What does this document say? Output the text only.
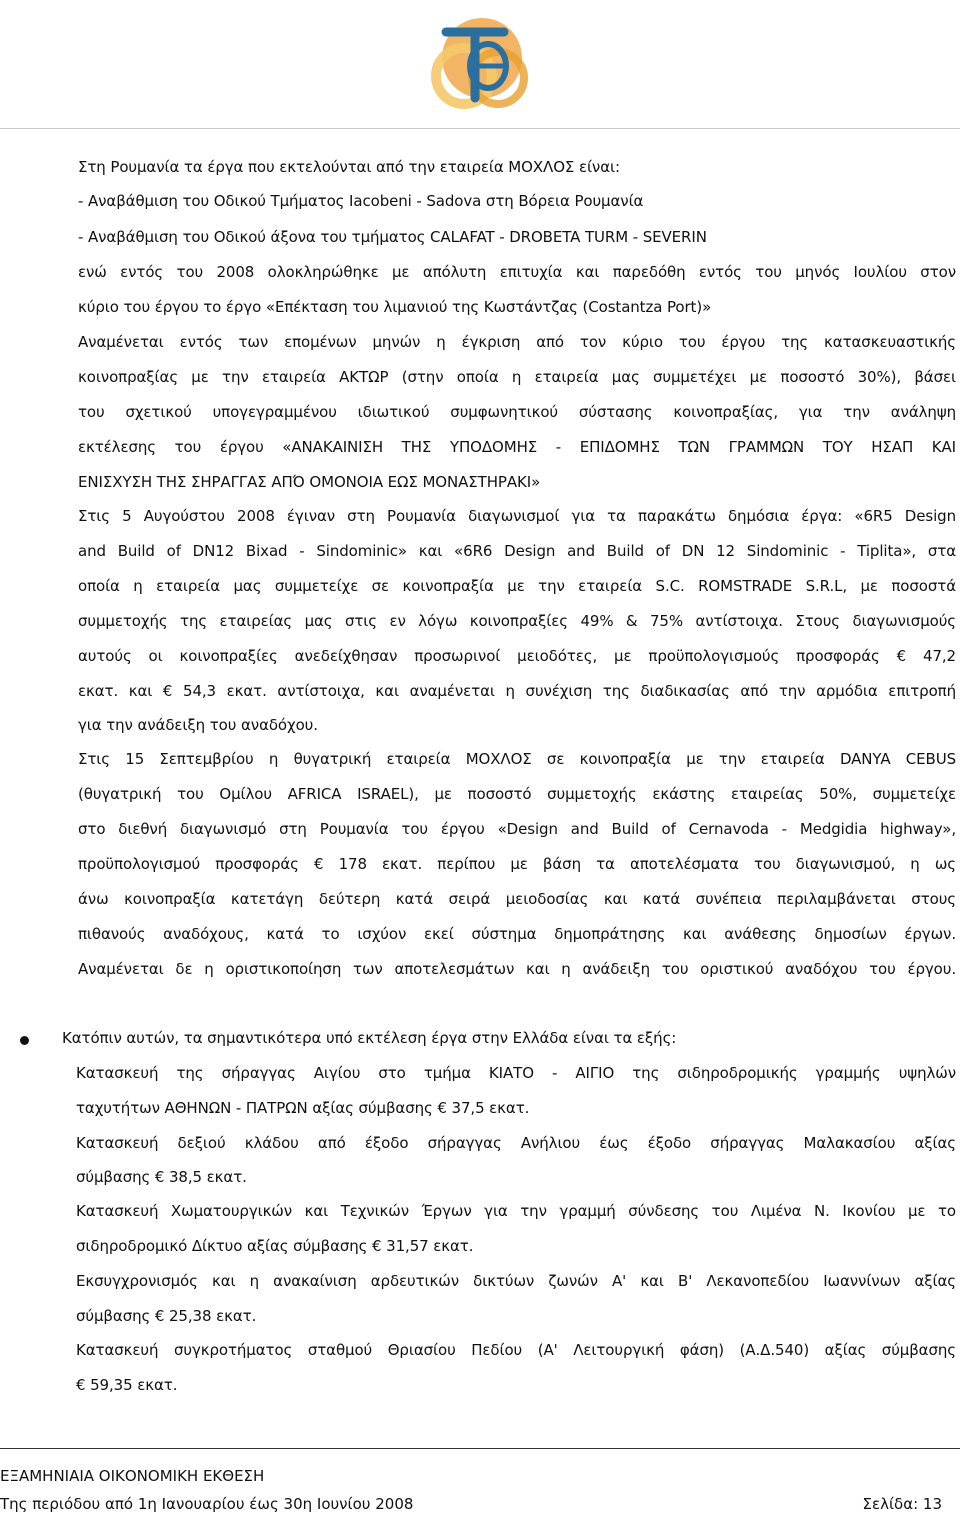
Στη Ρουμανία τα έργα που εκτελούνται από την εταιρεία ΜΟΧΛΟΣ είναι:
- Αναβάθμιση του Οδικού Τμήματος Iacobeni - Sadova στη Βόρεια Ρουμανία
- Αναβάθμιση του Οδικού άξονα του τμήματος CALAFAT - DROBETA TURM - SEVERIN
ενώ εντός του 2008 ολοκληρώθηκε με απόλυτη επιτυχία και παρεδόθη εντός του μηνός Ιουλίου στον
κύριο του έργου το έργο «Επέκταση του λιμανιού της Κωστάντζας (Costantza Port)»
Αναμένεται εντός των επομένων μηνών η έγκριση από τον κύριο του έργου της κατασκευαστικής
κοινοπραξίας με την εταιρεία ΑΚΤΩΡ (στην οποία η εταιρεία μας συμμετέχει με ποσοστό 30%), βάσει
του σχετικού υπογεγραμμένου ιδιωτικού συμφωνητικού σύστασης κοινοπραξίας, για την ανάληψη
εκτέλεσης του έργου «ΑΝΑΚΑΙΝΙΣΗ ΤΗΣ ΥΠΟΔΟΜΗΣ - ΕΠΙΔΟΜΗΣ ΤΩΝ ΓΡΑΜΜΩΝ ΤΟΥ ΗΣΑΠ ΚΑΙ
ΕΝΙΣΧΥΣΗ ΤΗΣ ΣΗΡΑΓΓΑΣ ΑΠΌ ΟΜΟΝΟΙΑ ΕΩΣ ΜΟΝΑΣΤΗΡΑΚΙ»
Στις 5 Αυγούστου 2008 έγιναν στη Ρουμανία διαγωνισμοί για τα παρακάτω δημόσια έργα: «6R5 Design
and Build of DN12 Bixad - Sindominic» και «6R6 Design and Build of DN 12 Sindominic - Tiplita», στα
οποία η εταιρεία μας συμμετείχε σε κοινοπραξία με την εταιρεία S.C. ROMSTRADE S.R.L, με ποσοστά
συμμετοχής της εταιρείας μας στις εν λόγω κοινοπραξίες 49% & 75% αντίστοιχα. Στους διαγωνισμούς
αυτούς οι κοινοπραξίες ανεδείχθησαν προσωρινοί μειοδότες, με προϋπολογισμούς προσφοράς € 47,2
εκατ. και € 54,3 εκατ. αντίστοιχα, και αναμένεται η συνέχιση της διαδικασίας από την αρμόδια επιτροπή
για την ανάδειξη του αναδόχου.
Στις 15 Σεπτεμβρίου η θυγατρική εταιρεία ΜΟΧΛΟΣ σε κοινοπραξία με την εταιρεία DANYA CEBUS
(θυγατρική του Ομίλου AFRICA ISRAEL), με ποσοστό συμμετοχής εκάστης εταιρείας 50%, συμμετείχε
στο διεθνή διαγωνισμό στη Ρουμανία του έργου «Design and Build of Cernavoda - Medgidia highway»,
προϋπολογισμού προσφοράς € 178 εκατ. περίπου με βάση τα αποτελέσματα του διαγωνισμού, η ως
άνω κοινοπραξία κατετάγη δεύτερη κατά σειρά μειοδοσίας και κατά συνέπεια περιλαμβάνεται στους
πιθανούς αναδόχους, κατά το ισχύον εκεί σύστημα δημοπράτησης και ανάθεσης δημοσίων έργων.
Αναμένεται δε η οριστικοποίηση των αποτελεσμάτων και η ανάδειξη του οριστικού αναδόχου του έργου.
Κατόπιν αυτών, τα σημαντικότερα υπό εκτέλεση έργα στην Ελλάδα είναι τα εξής:
Κατασκευή της σήραγγας Αιγίου στο τμήμα ΚΙΑΤΟ - ΑΙΓΙΟ της σιδηροδρομικής γραμμής υψηλών
ταχυτήτων ΑΘΗΝΩΝ - ΠΑΤΡΩΝ αξίας σύμβασης € 37,5 εκατ.
Κατασκευή δεξιού κλάδου από έξοδο σήραγγας Ανήλιου έως έξοδο σήραγγας Μαλακασίου αξίας
σύμβασης € 38,5 εκατ.
Κατασκευή Χωματουργικών και Τεχνικών Έργων για την γραμμή σύνδεσης του Λιμένα Ν. Ικονίου με το
σιδηροδρομικό Δίκτυο αξίας σύμβασης € 31,57 εκατ.
Εκσυγχρονισμός και η ανακαίνιση αρδευτικών δικτύων ζωνών Α' και Β' Λεκανοπεδίου Ιωαννίνων αξίας
σύμβασης € 25,38 εκατ.
Κατασκευή συγκροτήματος σταθμού Θριασίου Πεδίου (Α' Λειτουργική φάση) (Α.Δ.540) αξίας σύμβασης
€ 59,35 εκατ.
ΕΞΑΜΗΝΙΑΙΑ ΟΙΚΟΝΟΜΙΚΗ ΕΚΘΕΣΗ
Της περιόδου από 1η Ιανουαρίου έως 30η Ιουνίου 2008	Σελίδα: 13
